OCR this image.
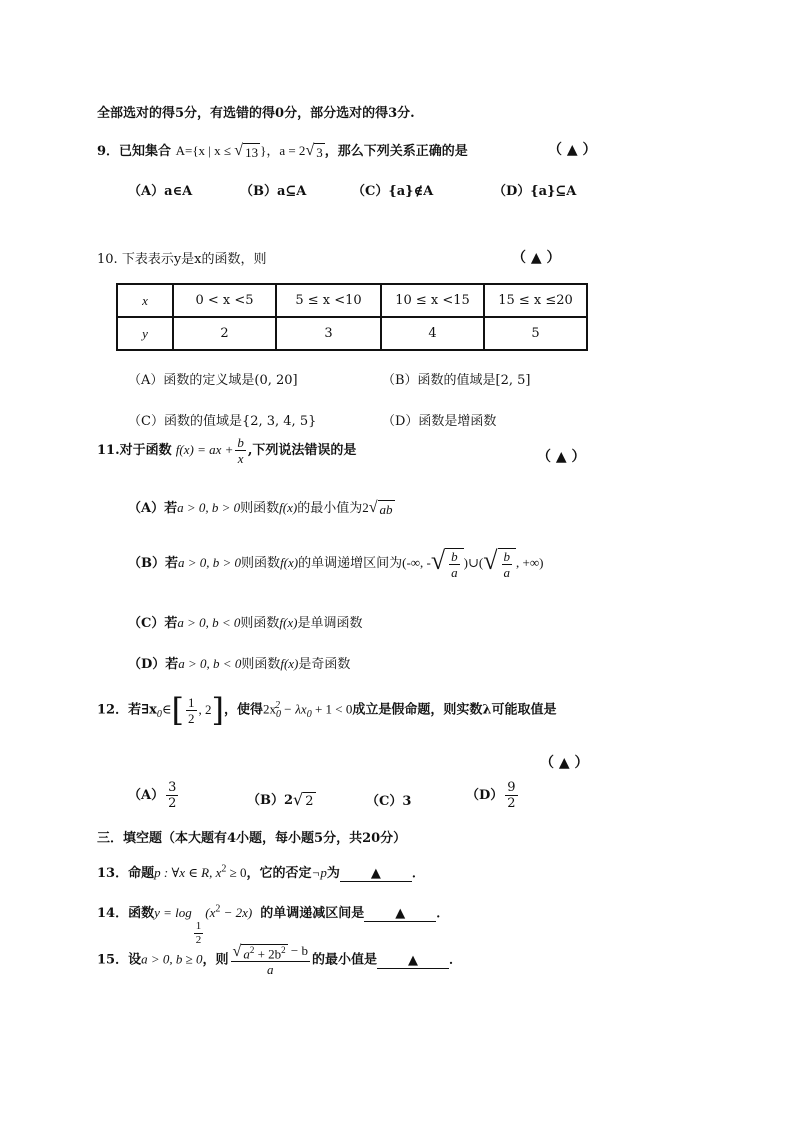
全部选对的得5分，有选错的得0分，部分选对的得3分.
9．已知集合 A={x | x ≤ √ 13 }，a = 2 √ 3 ，那么下列关系正确的是	（ ▲ ）
（A）a∈A	（B）a⊆A	（C）{a}∉A	（D）{a}⊆A
10. 下表表示y是x的函数，则	（ ▲ ）
x	0 < x <5	5 ≤ x <10	10 ≤ x <15	15 ≤ x ≤20
y	2	3	4	5
（A）函数的定义域是(0, 20]	（B）函数的值域是[2, 5]
（C）函数的值域是{2, 3, 4, 5}	（D）函数是增函数
11.对于函数 f(x) = ax + $\frac{b}{x}$ ,下列说法错误的是	（ ▲ ）
（A）若a > 0, b > 0则函数f(x)的最小值为2 √ ab
（B）若a > 0, b > 0则函数f(x)的单调递增区间为(-∞, - √ $\frac{b}{a}$ )∪( √ $\frac{b}{a}$ , +∞)
（C）若a > 0, b < 0则函数f(x)是单调函数
（D）若a > 0, b < 0则函数f(x)是奇函数
12．若$\exists x_0\in$ [ $\frac{1}{2}$ , 2 ] ，使得$2x_0^2 - \lambda x_0 + 1 < 0$成立是假命题，则实数λ可能取值是
（ ▲ ）
$(A) \frac{3}{2}$	（B）2 √ 2	（C）3	$(D) \frac{9}{2}$
三．填空题（本大题有4小题，每小题5分，共20分）
13．命题p : ∀x ∈ R, $x^2 \ge 0$，它的否定¬p为 ▲ ．
14．函数y = log
$\frac{1}{2}$
$(x^2 - 2x)$ 的单调递减区间是 ▲ ．
15．设a > 0, b ≥ 0，则 $\frac{√ a^2 + 2b^2 - b}{a}$ 的最小值是 ▲ ．
